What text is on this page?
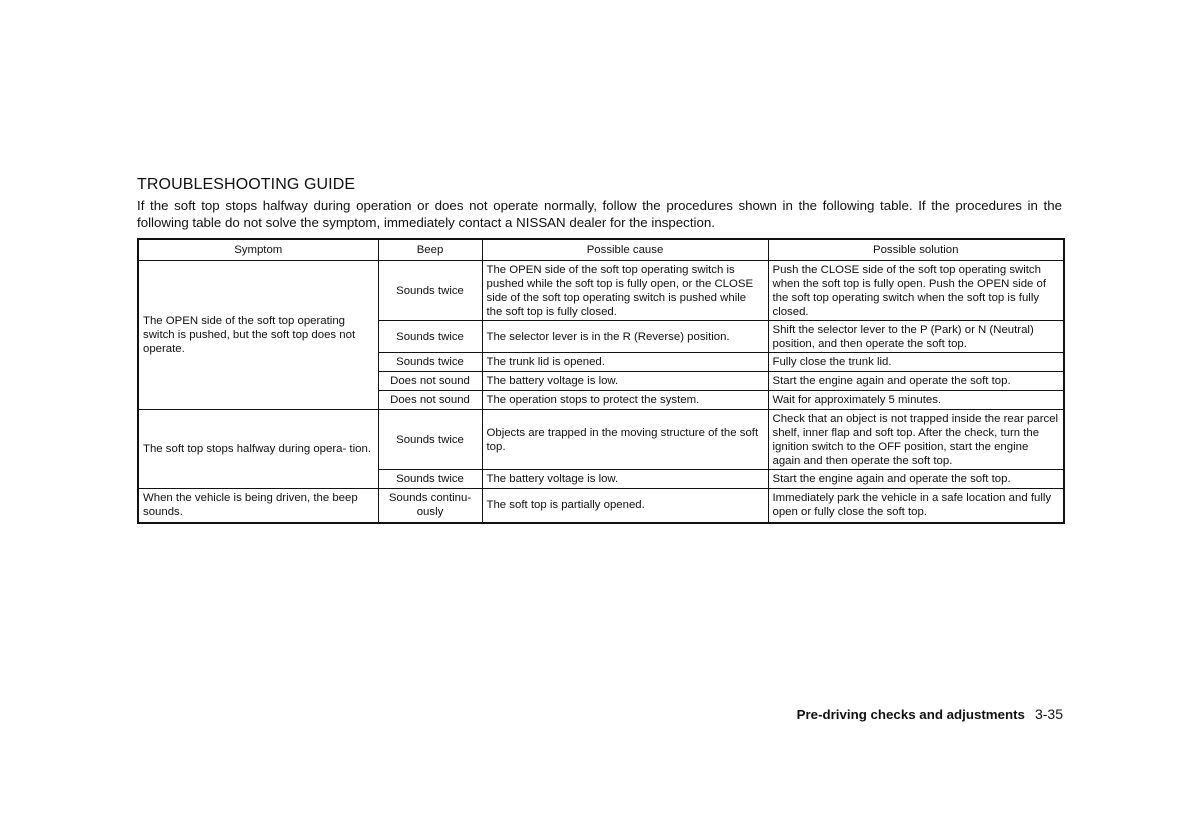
TROUBLESHOOTING GUIDE
If the soft top stops halfway during operation or does not operate normally, follow the procedures shown in the following table. If the procedures in the following table do not solve the symptom, immediately contact a NISSAN dealer for the inspection.
Symptom	Beep	Possible cause	Possible solution
The OPEN side of the soft top operating switch is pushed, but the soft top does not operate.	Sounds twice	The OPEN side of the soft top operating switch is pushed while the soft top is fully open, or the CLOSE side of the soft top operating switch is pushed while the soft top is fully closed.	Push the CLOSE side of the soft top operating switch when the soft top is fully open. Push the OPEN side of the soft top operating switch when the soft top is fully closed.
	Sounds twice	The selector lever is in the R (Reverse) position.	Shift the selector lever to the P (Park) or N (Neutral) position, and then operate the soft top.
	Sounds twice	The trunk lid is opened.	Fully close the trunk lid.
	Does not sound	The battery voltage is low.	Start the engine again and operate the soft top.
	Does not sound	The operation stops to protect the system.	Wait for approximately 5 minutes.
The soft top stops halfway during opera- tion.	Sounds twice	Objects are trapped in the moving structure of the soft top.	Check that an object is not trapped inside the rear parcel shelf, inner flap and soft top. After the check, turn the ignition switch to the OFF position, start the engine again and then operate the soft top.
	Sounds twice	The battery voltage is low.	Start the engine again and operate the soft top.
When the vehicle is being driven, the beep sounds.	Sounds continu- ously	The soft top is partially opened.	Immediately park the vehicle in a safe location and fully open or fully close the soft top.
Pre-driving checks and adjustments 3-35
